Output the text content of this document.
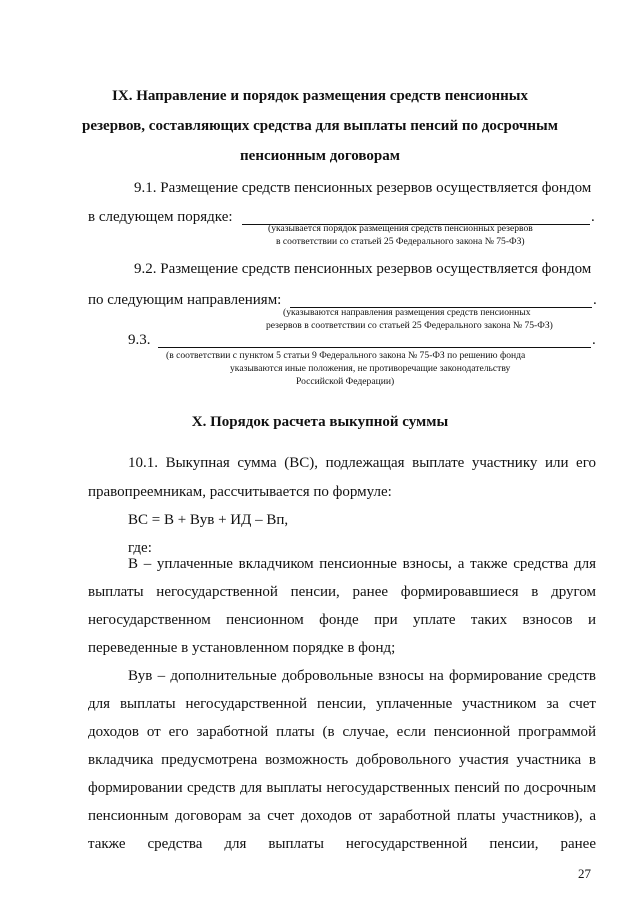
IX. Направление и порядок размещения средств пенсионных
резервов, составляющих средства для выплаты пенсий по досрочным
пенсионным договорам
9.1. Размещение средств пенсионных резервов осуществляется фондом
в следующем порядке:	.
(указывается порядок размещения средств пенсионных резервов
в соответствии со статьей 25 Федерального закона № 75-ФЗ)
9.2. Размещение средств пенсионных резервов осуществляется фондом
по следующим направлениям:	.
(указываются направления размещения средств пенсионных
резервов в соответствии со статьей 25 Федерального закона № 75-ФЗ)
9.3.	.
(в соответствии с пунктом 5 статьи 9 Федерального закона № 75-ФЗ по решению фонда
указываются иные положения, не противоречащие законодательству
Российской Федерации)
X. Порядок расчета выкупной суммы
10.1. Выкупная сумма (ВС), подлежащая выплате участнику или его
правопреемникам, рассчитывается по формуле:
ВС = В + Вув + ИД – Вп,
где:
В – уплаченные вкладчиком пенсионные взносы, а также средства для
выплаты негосударственной пенсии, ранее формировавшиеся в другом
негосударственном пенсионном фонде при уплате таких взносов и
переведенные в установленном порядке в фонд;
Вув – дополнительные добровольные взносы на формирование средств
для выплаты негосударственной пенсии, уплаченные участником за счет
доходов от его заработной платы (в случае, если пенсионной программой
вкладчика предусмотрена возможность добровольного участия участника в
формировании средств для выплаты негосударственных пенсий по досрочным
пенсионным договорам за счет доходов от заработной платы участников), а
также средства для выплаты негосударственной пенсии, ранее
27
